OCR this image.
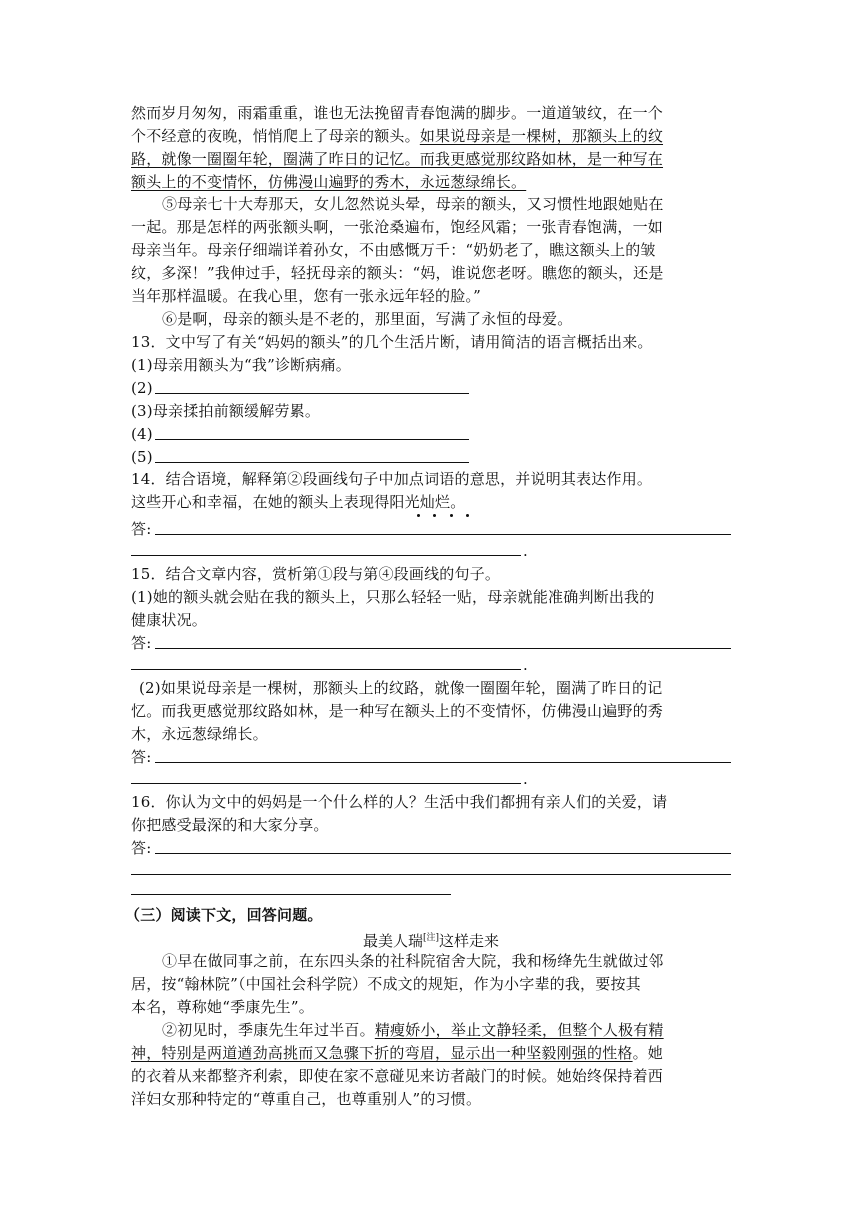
然而岁月匆匆，雨霜重重，谁也无法挽留青春饱满的脚步。一道道皱纹，在一个
个不经意的夜晚，悄悄爬上了母亲的额头。如果说母亲是一棵树，那额头上的纹
路，就像一圈圈年轮，圈满了昨日的记忆。而我更感觉那纹路如林，是一种写在
额头上的不变情怀，仿佛漫山遍野的秀木，永远葱绿绵长。
⑤母亲七十大寿那天，女儿忽然说头晕，母亲的额头，又习惯性地跟她贴在
一起。那是怎样的两张额头啊，一张沧桑遍布，饱经风霜；一张青春饱满，一如
母亲当年。母亲仔细端详着孙女，不由感慨万千：“奶奶老了，瞧这额头上的皱
纹，多深！”我伸过手，轻抚母亲的额头：“妈，谁说您老呀。瞧您的额头，还是
当年那样温暖。在我心里，您有一张永远年轻的脸。”
⑥是啊，母亲的额头是不老的，那里面，写满了永恒的母爱。
13．文中写了有关“妈妈的额头”的几个生活片断，请用简洁的语言概括出来。
(1)母亲用额头为“我”诊断病痛。
(2)
(3)母亲揉拍前额缓解劳累。
(4)
(5)
14．结合语境，解释第②段画线句子中加点词语的意思，并说明其表达作用。
这些开心和幸福，在她的额头上表现得阳光灿烂。
答:
.
15．结合文章内容，赏析第①段与第④段画线的句子。
(1)她的额头就会贴在我的额头上，只那么轻轻一贴，母亲就能准确判断出我的
健康状况。
答:
.
(2)如果说母亲是一棵树，那额头上的纹路，就像一圈圈年轮，圈满了昨日的记
忆。而我更感觉那纹路如林，是一种写在额头上的不变情怀，仿佛漫山遍野的秀
木，永远葱绿绵长。
答:
.
16．你认为文中的妈妈是一个什么样的人？生活中我们都拥有亲人们的关爱，请
你把感受最深的和大家分享。
答:
（三）阅读下文，回答问题。
最美人瑞[注]这样走来
①早在做同事之前，在东四头条的社科院宿舍大院，我和杨绛先生就做过邻
居，按“翰林院”（中国社会科学院）不成文的规矩，作为小字辈的我，要按其
本名，尊称她“季康先生”。
②初见时，季康先生年过半百。精瘦娇小，举止文静轻柔，但整个人极有精
神，特别是两道遒劲高挑而又急骤下折的弯眉，显示出一种坚毅刚强的性格。她
的衣着从来都整齐利索，即使在家不意碰见来访者敲门的时候。她始终保持着西
洋妇女那种特定的“尊重自己，也尊重别人”的习惯。
